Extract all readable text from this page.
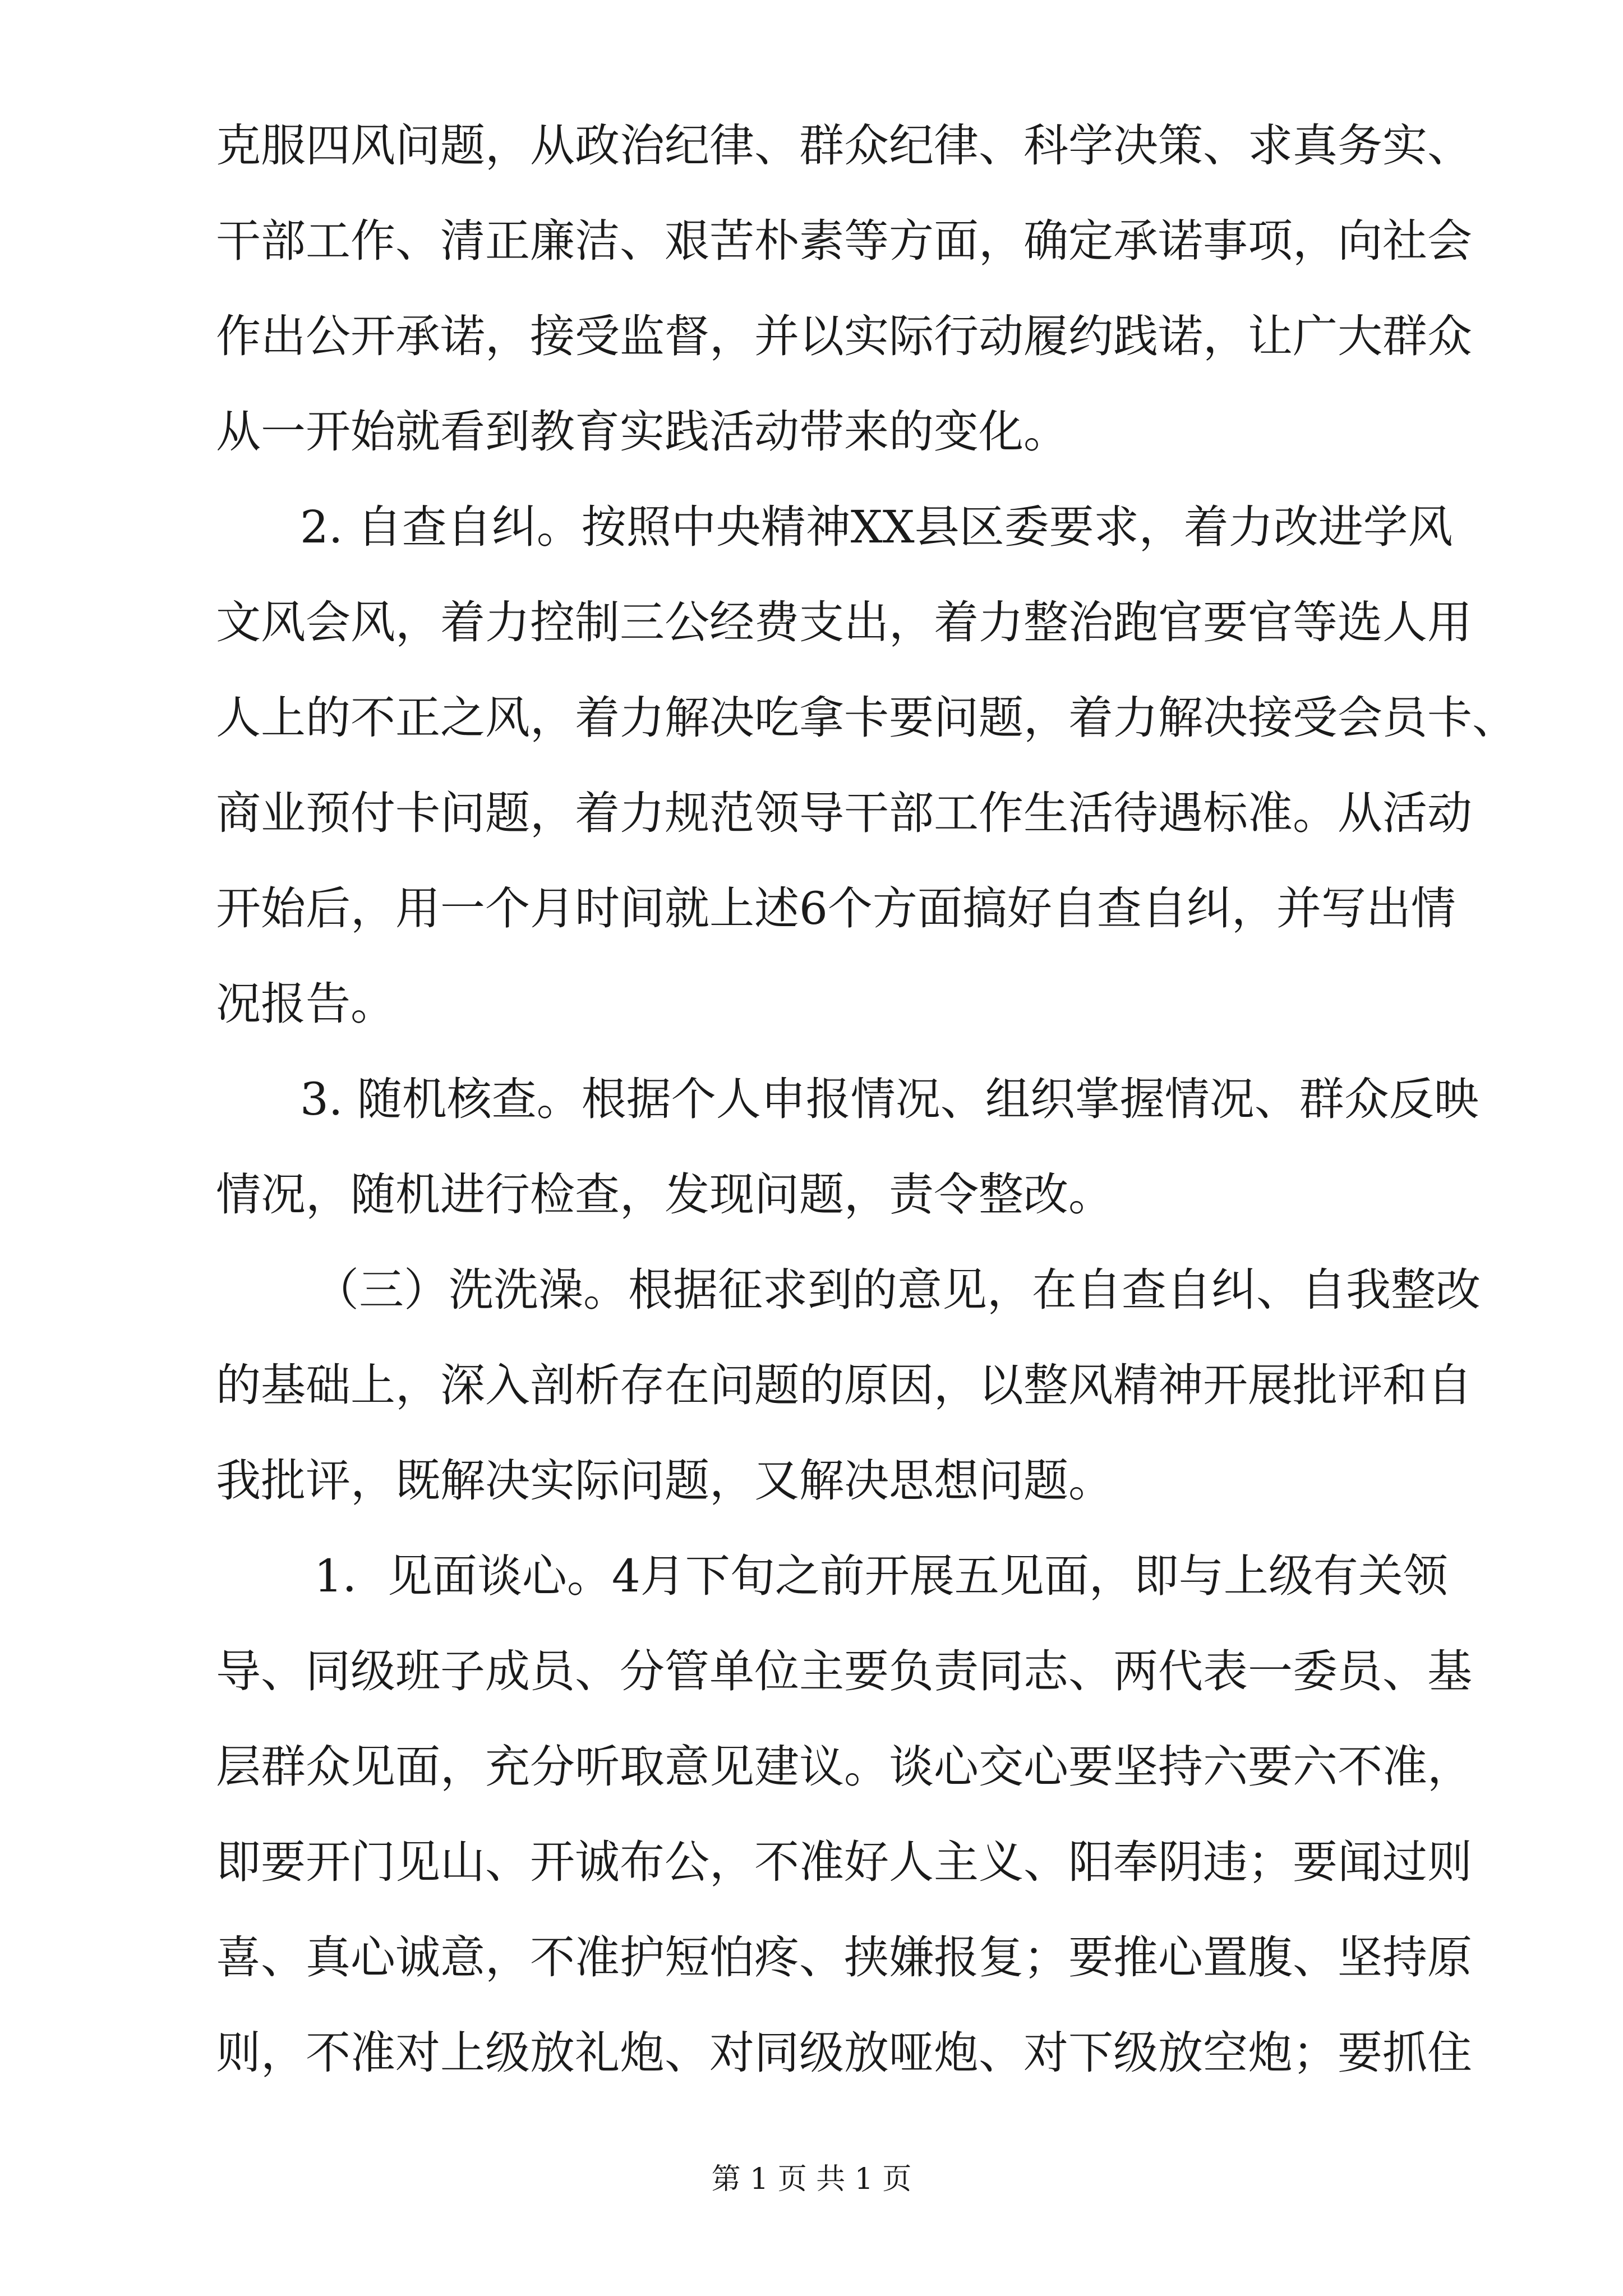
克服四风问题，从政治纪律、群众纪律、科学决策、求真务实、
干部工作、清正廉洁、艰苦朴素等方面，确定承诺事项，向社会
作出公开承诺，接受监督，并以实际行动履约践诺，让广大群众
从一开始就看到教育实践活动带来的变化。
2. 自查自纠。按照中央精神XX县区委要求，着力改进学风
文风会风，着力控制三公经费支出，着力整治跑官要官等选人用
人上的不正之风，着力解决吃拿卡要问题，着力解决接受会员卡、
商业预付卡问题，着力规范领导干部工作生活待遇标准。从活动
开始后，用一个月时间就上述6个方面搞好自查自纠，并写出情
况报告。
3. 随机核查。根据个人申报情况、组织掌握情况、群众反映
情况，随机进行检查，发现问题，责令整改。
（三）洗洗澡。根据征求到的意见，在自查自纠、自我整改
的基础上，深入剖析存在问题的原因，以整风精神开展批评和自
我批评，既解决实际问题，又解决思想问题。
1．见面谈心。4月下旬之前开展五见面，即与上级有关领
导、同级班子成员、分管单位主要负责同志、两代表一委员、基
层群众见面，充分听取意见建议。谈心交心要坚持六要六不准，
即要开门见山、开诚布公，不准好人主义、阳奉阴违；要闻过则
喜、真心诚意，不准护短怕疼、挟嫌报复；要推心置腹、坚持原
则，不准对上级放礼炮、对同级放哑炮、对下级放空炮；要抓住
第 1 页 共 1 页
